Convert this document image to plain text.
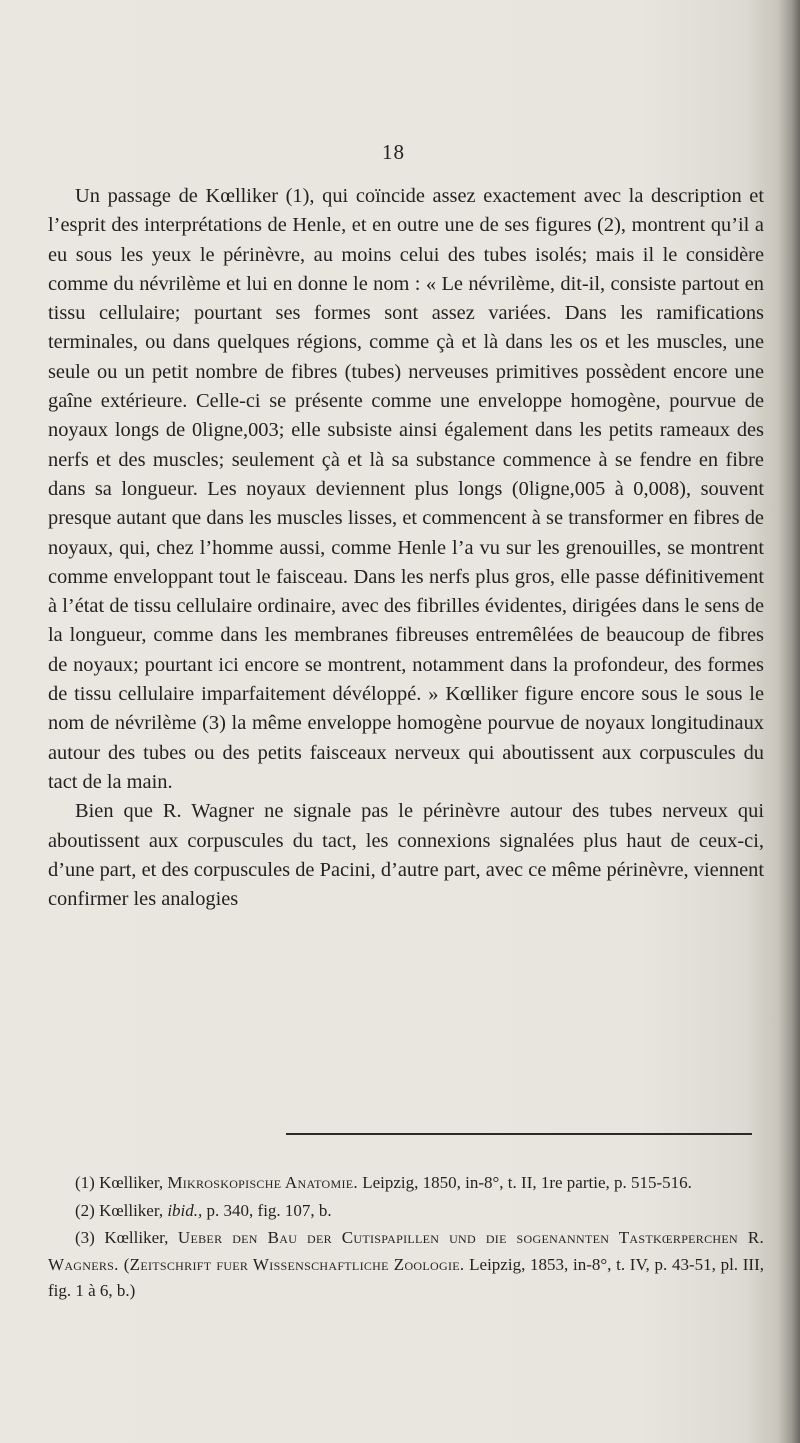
18

Un passage de Kœlliker (1), qui coïncide assez exactement avec la description et l’esprit des interprétations de Henle, et en outre une de ses figures (2), montrent qu’il a eu sous les yeux le périnèvre, au moins celui des tubes isolés; mais il le considère comme du névrilème et lui en donne le nom : « Le névrilème, dit-il, consiste partout en tissu cellulaire; pourtant ses formes sont assez variées. Dans les ramifications terminales, ou dans quelques régions, comme çà et là dans les os et les muscles, une seule ou un petit nombre de fibres (tubes) nerveuses primitives possèdent encore une gaîne extérieure. Celle-ci se présente comme une enveloppe homogène, pourvue de noyaux longs de 0ligne,003; elle subsiste ainsi également dans les petits rameaux des nerfs et des muscles; seulement çà et là sa substance commence à se fendre en fibre dans sa longueur. Les noyaux deviennent plus longs (0ligne,005 à 0,008), souvent presque autant que dans les muscles lisses, et commencent à se transformer en fibres de noyaux, qui, chez l’homme aussi, comme Henle l’a vu sur les grenouilles, se montrent comme enveloppant tout le faisceau. Dans les nerfs plus gros, elle passe définitivement à l’état de tissu cellulaire ordinaire, avec des fibrilles évidentes, dirigées dans le sens de la longueur, comme dans les membranes fibreuses entremêlées de beaucoup de fibres de noyaux; pourtant ici encore se montrent, notamment dans la profondeur, des formes de tissu cellulaire imparfaitement dévéloppé. » Kœlliker figure encore sous le sous le nom de névrilème (3) la même enveloppe homogène pourvue de noyaux longitudinaux autour des tubes ou des petits faisceaux nerveux qui aboutissent aux corpuscules du tact de la main.

Bien que R. Wagner ne signale pas le périnèvre autour des tubes nerveux qui aboutissent aux corpuscules du tact, les connexions signalées plus haut de ceux-ci, d’une part, et des corpuscules de Pacini, d’autre part, avec ce même périnèvre, viennent confirmer les analogies

(1) Kœlliker, Mikroskopische Anatomie. Leipzig, 1850, in-8°, t. II, 1re partie, p. 515-516.

(2) Kœlliker, ibid., p. 340, fig. 107, b.

(3) Kœlliker, Ueber den Bau der Cutispapillen und die sogenannten Tastkœrperchen R. Wagners. (Zeitschrift fuer Wissenschaftliche Zoologie. Leipzig, 1853, in-8°, t. IV, p. 43-51, pl. III, fig. 1 à 6, b.)
